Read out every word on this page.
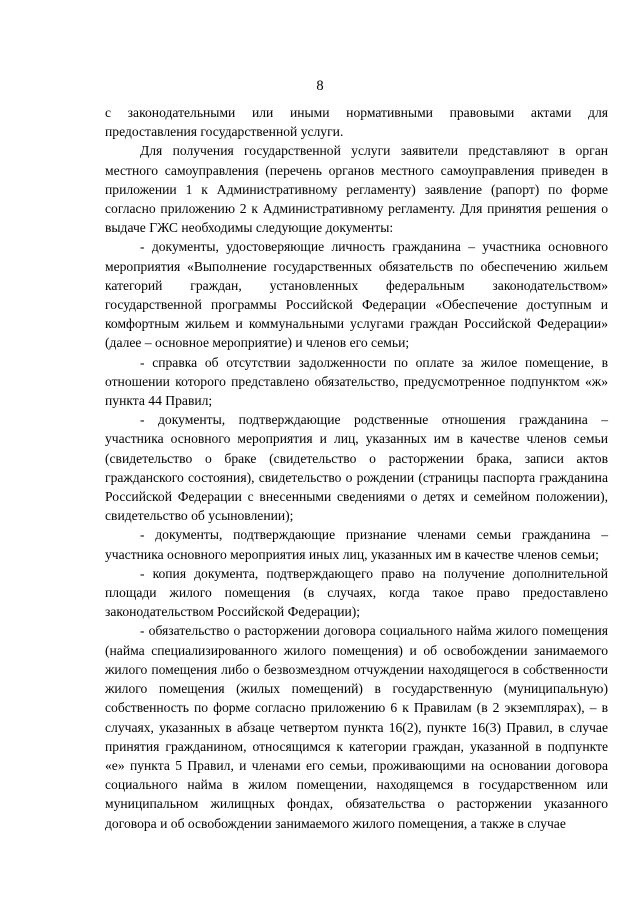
8

с законодательными или иными нормативными правовыми актами для предоставления государственной услуги.

Для получения государственной услуги заявители представляют в орган местного самоуправления (перечень органов местного самоуправления приведен в приложении 1 к Административному регламенту) заявление (рапорт) по форме согласно приложению 2 к Административному регламенту. Для принятия решения о выдаче ГЖС необходимы следующие документы:

- документы, удостоверяющие личность гражданина – участника основного мероприятия «Выполнение государственных обязательств по обеспечению жильем категорий граждан, установленных федеральным законодательством» государственной программы Российской Федерации «Обеспечение доступным и комфортным жильем и коммунальными услугами граждан Российской Федерации» (далее – основное мероприятие) и членов его семьи;

- справка об отсутствии задолженности по оплате за жилое помещение, в отношении которого представлено обязательство, предусмотренное подпунктом «ж» пункта 44 Правил;

- документы, подтверждающие родственные отношения гражданина – участника основного мероприятия и лиц, указанных им в качестве членов семьи (свидетельство о браке (свидетельство о расторжении брака, записи актов гражданского состояния), свидетельство о рождении (страницы паспорта гражданина Российской Федерации с внесенными сведениями о детях и семейном положении), свидетельство об усыновлении);

- документы, подтверждающие признание членами семьи гражданина – участника основного мероприятия иных лиц, указанных им в качестве членов семьи;

- копия документа, подтверждающего право на получение дополнительной площади жилого помещения (в случаях, когда такое право предоставлено законодательством Российской Федерации);

- обязательство о расторжении договора социального найма жилого помещения (найма специализированного жилого помещения) и об освобождении занимаемого жилого помещения либо о безвозмездном отчуждении находящегося в собственности жилого помещения (жилых помещений) в государственную (муниципальную) собственность по форме согласно приложению 6 к Правилам (в 2 экземплярах), – в случаях, указанных в абзаце четвертом пункта 16(2), пункте 16(3) Правил, в случае принятия гражданином, относящимся к категории граждан, указанной в подпункте «е» пункта 5 Правил, и членами его семьи, проживающими на основании договора социального найма в жилом помещении, находящемся в государственном или муниципальном жилищных фондах, обязательства о расторжении указанного договора и об освобождении занимаемого жилого помещения, а также в случае
